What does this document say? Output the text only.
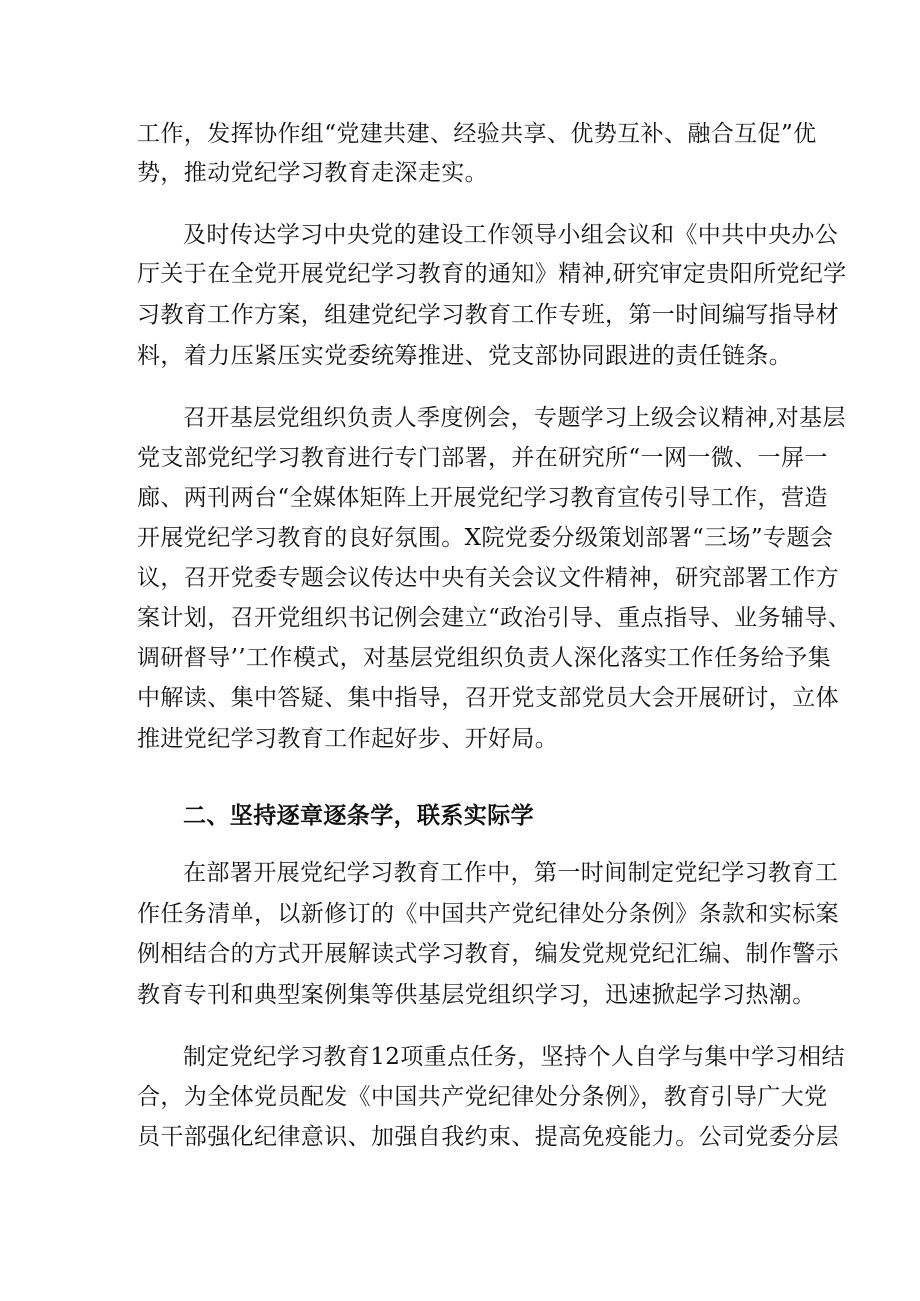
工作，发挥协作组“党建共建、经验共享、优势互补、融合互促”优
势，推动党纪学习教育走深走实。
及时传达学习中央党的建设工作领导小组会议和《中共中央办公
厅关于在全党开展党纪学习教育的通知》精神,研究审定贵阳所党纪学
习教育工作方案，组建党纪学习教育工作专班，第一时间编写指导材
料，着力压紧压实党委统筹推进、党支部协同跟进的责任链条。
召开基层党组织负责人季度例会，专题学习上级会议精神,对基层
党支部党纪学习教育进行专门部署，并在研究所“一网一微、一屏一
廊、两刊两台“全媒体矩阵上开展党纪学习教育宣传引导工作，营造
开展党纪学习教育的良好氛围。X院党委分级策划部署“三场”专题会
议，召开党委专题会议传达中央有关会议文件精神，研究部署工作方
案计划，召开党组织书记例会建立“政治引导、重点指导、业务辅导、
调研督导’’工作模式，对基层党组织负责人深化落实工作任务给予集
中解读、集中答疑、集中指导，召开党支部党员大会开展研讨，立体
推进党纪学习教育工作起好步、开好局。
二、坚持逐章逐条学，联系实际学
在部署开展党纪学习教育工作中，第一时间制定党纪学习教育工
作任务清单，以新修订的《中国共产党纪律处分条例》条款和实标案
例相结合的方式开展解读式学习教育，编发党规党纪汇编、制作警示
教育专刊和典型案例集等供基层党组织学习，迅速掀起学习热潮。
制定党纪学习教育12项重点任务，坚持个人自学与集中学习相结
合，为全体党员配发《中国共产党纪律处分条例》，教育引导广大党
员干部强化纪律意识、加强自我约束、提高免疫能力。公司党委分层
